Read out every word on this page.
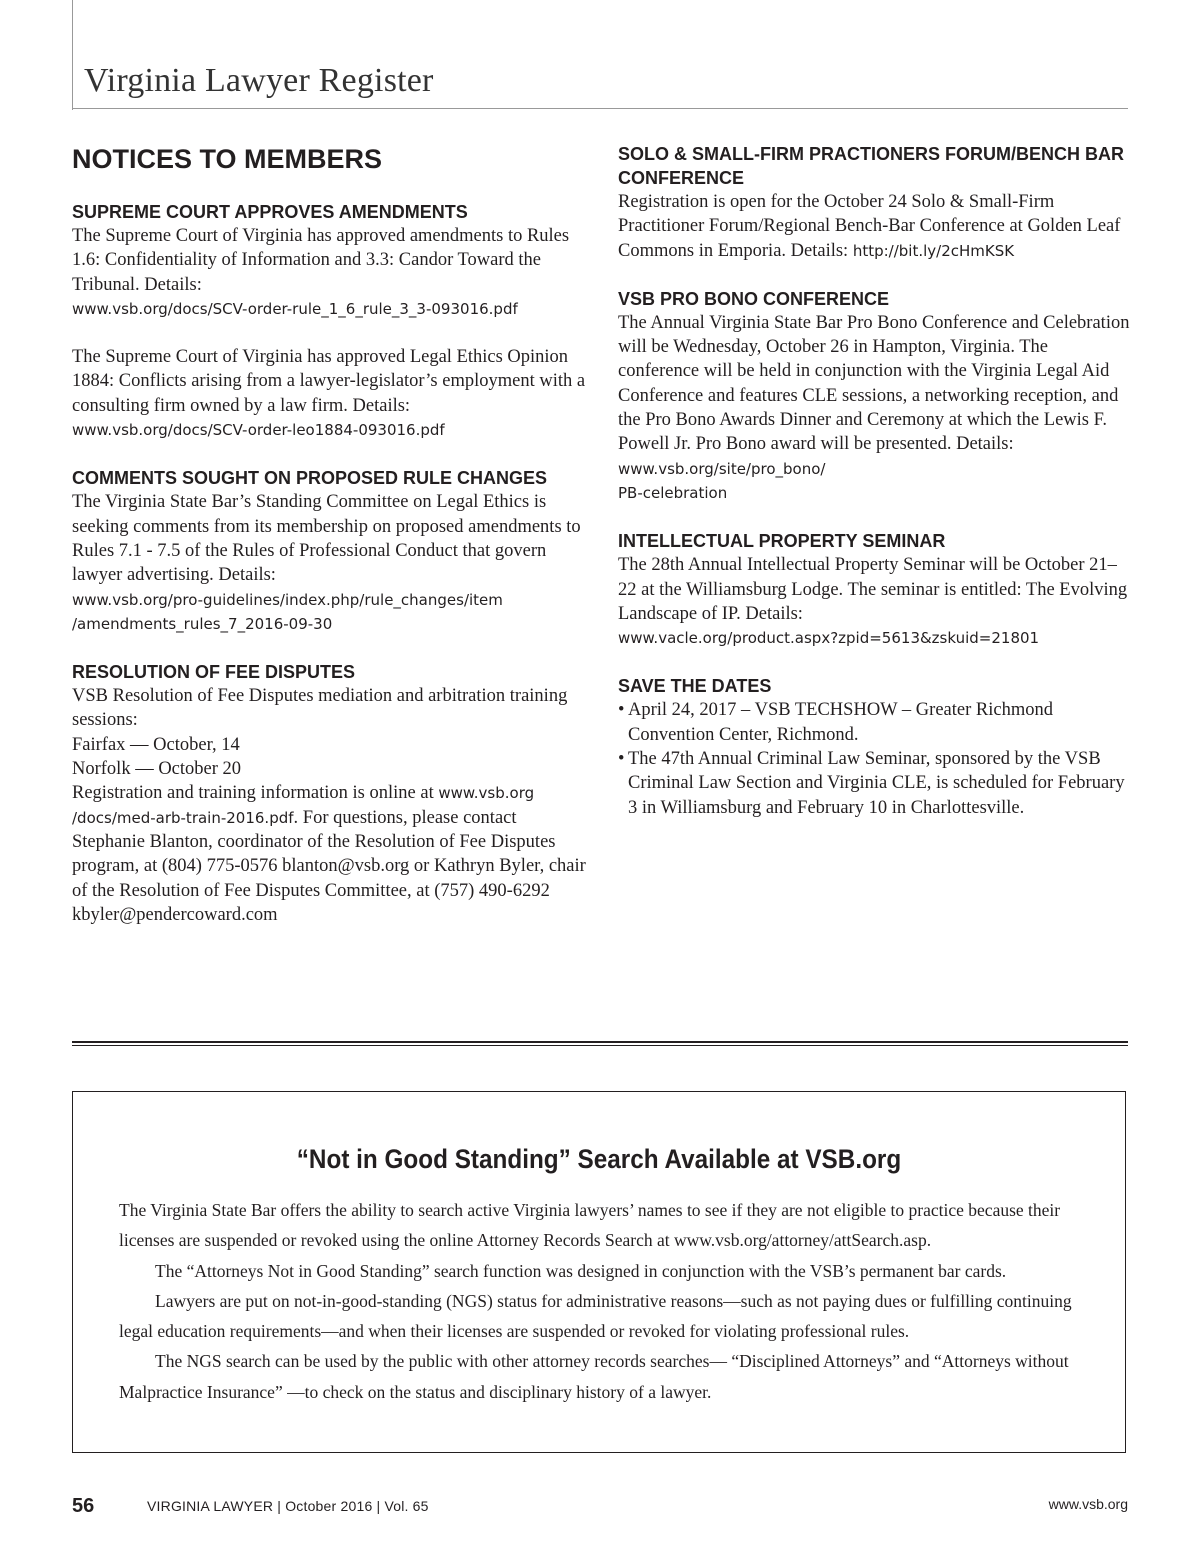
Virginia Lawyer Register
NOTICES TO MEMBERS
SUPREME COURT APPROVES AMENDMENTS

The Supreme Court of Virginia has approved amendments to Rules 1.6: Confidentiality of Information and 3.3: Candor Toward the Tribunal. Details:
www.vsb.org/docs/SCV-order-rule_1_6_rule_3_3-093016.pdf

The Supreme Court of Virginia has approved Legal Ethics Opinion 1884: Conflicts arising from a lawyer-legislator’s employment with a consulting firm owned by a law firm. Details:
www.vsb.org/docs/SCV-order-leo1884-093016.pdf

COMMENTS SOUGHT ON PROPOSED RULE CHANGES

The Virginia State Bar’s Standing Committee on Legal Ethics is seeking comments from its membership on proposed amendments to Rules 7.1 - 7.5 of the Rules of Professional Conduct that govern lawyer advertising. Details:
www.vsb.org/pro-guidelines/index.php/rule_changes/item
/amendments_rules_7_2016-09-30

RESOLUTION OF FEE DISPUTES

VSB Resolution of Fee Disputes mediation and arbitration training sessions:
Fairfax — October, 14
Norfolk — October 20
Registration and training information is online at www.vsb.org
/docs/med-arb-train-2016.pdf. For questions, please contact Stephanie Blanton, coordinator of the Resolution of Fee Disputes program, at (804) 775-0576 blanton@vsb.org or Kathryn Byler, chair of the Resolution of Fee Disputes Committee, at (757) 490-6292 kbyler@pendercoward.com

SOLO & SMALL-FIRM PRACTIONERS FORUM/BENCH BAR CONFERENCE

Registration is open for the October 24 Solo & Small-Firm Practitioner Forum/Regional Bench-Bar Conference at Golden Leaf Commons in Emporia. Details: http://bit.ly/2cHmKSK

VSB PRO BONO CONFERENCE

The Annual Virginia State Bar Pro Bono Conference and Celebration will be Wednesday, October 26 in Hampton, Virginia. The conference will be held in conjunction with the Virginia Legal Aid Conference and features CLE sessions, a networking reception, and the Pro Bono Awards Dinner and Ceremony at which the Lewis F. Powell Jr. Pro Bono award will be presented. Details: www.vsb.org/site/pro_bono/
PB-celebration

INTELLECTUAL PROPERTY SEMINAR

The 28th Annual Intellectual Property Seminar will be October 21–22 at the Williamsburg Lodge. The seminar is entitled: The Evolving Landscape of IP. Details:
www.vacle.org/product.aspx?zpid=5613&zskuid=21801

SAVE THE DATES
• April 24, 2017 – VSB TECHSHOW – Greater Richmond Convention Center, Richmond.
• The 47th Annual Criminal Law Seminar, sponsored by the VSB Criminal Law Section and Virginia CLE, is scheduled for February 3 in Williamsburg and February 10 in Charlottesville.
“Not in Good Standing” Search Available at VSB.org

The Virginia State Bar offers the ability to search active Virginia lawyers’ names to see if they are not eligible to practice because their licenses are suspended or revoked using the online Attorney Records Search at www.vsb.org/attorney/attSearch.asp.

The “Attorneys Not in Good Standing” search function was designed in conjunction with the VSB’s permanent bar cards.

Lawyers are put on not-in-good-standing (NGS) status for administrative reasons—such as not paying dues or fulfilling continuing legal education requirements—and when their licenses are suspended or revoked for violating professional rules.

The NGS search can be used by the public with other attorney records searches— “Disciplined Attorneys” and “Attorneys without Malpractice Insurance” —to check on the status and disciplinary history of a lawyer.

56	VIRGINIA LAWYER | October 2016 | Vol. 65	www.vsb.org
